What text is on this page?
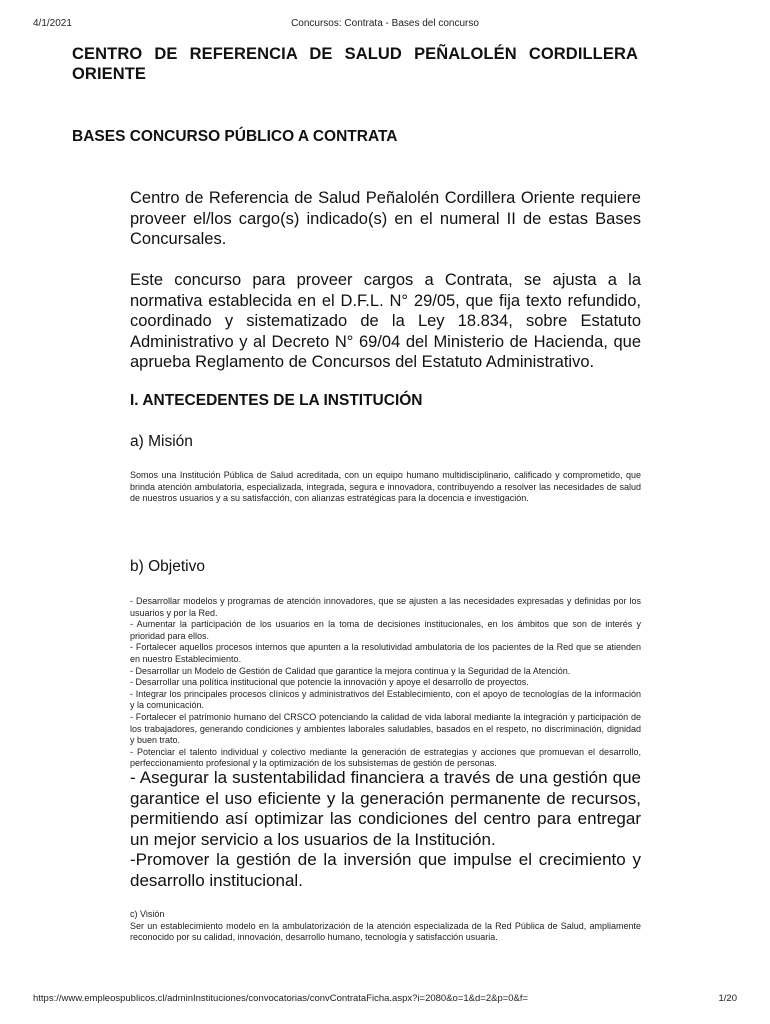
4/1/2021	Concursos: Contrata - Bases del concurso
CENTRO DE REFERENCIA DE SALUD PEÑALOLÉN CORDILLERA ORIENTE
BASES CONCURSO PÚBLICO A CONTRATA

Centro de Referencia de Salud Peñalolén Cordillera Oriente requiere proveer el/los cargo(s) indicado(s) en el numeral II de estas Bases Concursales.

Este concurso para proveer cargos a Contrata, se ajusta a la normativa establecida en el D.F.L. N° 29/05, que fija texto refundido, coordinado y sistematizado de la Ley 18.834, sobre Estatuto Administrativo y al Decreto N° 69/04 del Ministerio de Hacienda, que aprueba Reglamento de Concursos del Estatuto Administrativo.

I. ANTECEDENTES DE LA INSTITUCIÓN
a) Misión

Somos una Institución Pública de Salud acreditada, con un equipo humano multidisciplinario, calificado y comprometido, que brinda atención ambulatoria, especializada, integrada, segura e innovadora, contribuyendo a resolver las necesidades de salud de nuestros usuarios y a su satisfacción, con alianzas estratégicas para la docencia e investigación.

b) Objetivo
- Desarrollar modelos y programas de atención innovadores, que se ajusten a las necesidades expresadas y definidas por los usuarios y por la Red.
- Aumentar la participación de los usuarios en la toma de decisiones institucionales, en los ámbitos que son de interés y prioridad para ellos.
- Fortalecer aquellos procesos internos que apunten a la resolutividad ambulatoria de los pacientes de la Red que se atienden en nuestro Establecimiento.
- Desarrollar un Modelo de Gestión de Calidad que garantice la mejora continua y la Seguridad de la Atención.
- Desarrollar una política institucional que potencie la innovación y apoye el desarrollo de proyectos.
- Integrar los principales procesos clínicos y administrativos del Establecimiento, con el apoyo de tecnologías de la información y la comunicación.
- Fortalecer el patrimonio humano del CRSCO potenciando la calidad de vida laboral mediante la integración y participación de los trabajadores, generando condiciones y ambientes laborales saludables, basados en el respeto, no discriminación, dignidad y buen trato.
- Potenciar el talento individual y colectivo mediante la generación de estrategias y acciones que promuevan el desarrollo, perfeccionamiento profesional y la optimización de los subsistemas de gestión de personas.
- Asegurar la sustentabilidad financiera a través de una gestión que garantice el uso eficiente y la generación permanente de recursos, permitiendo así optimizar las condiciones del centro para entregar un mejor servicio a los usuarios de la Institución.
-Promover la gestión de la inversión que impulse el crecimiento y desarrollo institucional.
c) Visión

Ser un establecimiento modelo en la ambulatorización de la atención especializada de la Red Pública de Salud, ampliamente reconocido por su calidad, innovación, desarrollo humano, tecnología y satisfacción usuaria.

https://www.empleospublicos.cl/adminInstituciones/convocatorias/convContrataFicha.aspx?i=2080&o=1&d=2&p=0&f=	1/20
